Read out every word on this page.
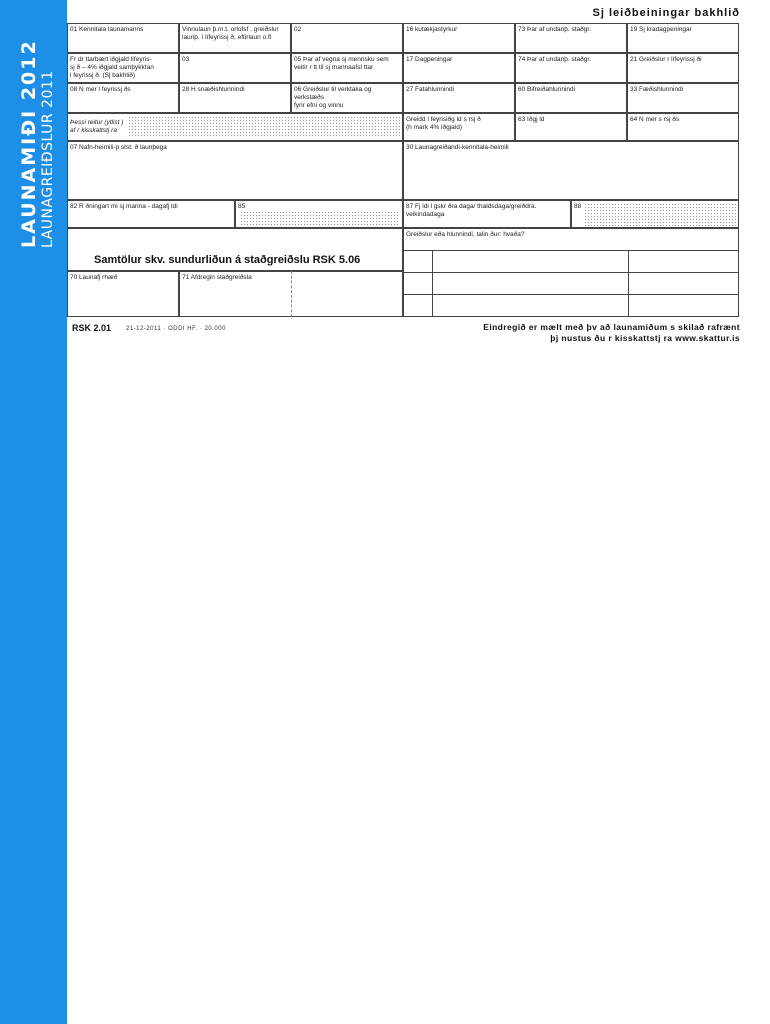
LAUNAMIÐI 2012 LAUNAGREIÐSLUR 2011
Sj leiðbeiningar bakhlið
01 Kennitala launamanns	Vinnulaun þ.m.t. orlofsf , greiðslur
launþ. í lífeyrissj ð, eftirlaun o.fl
02	16 kutækjastyrkur	73 Þar af undanþ. staðgr.	19 Sj kradagpeningar
Fr dr ttarbært iðgjald lífeyris-
sj ð – 4% iðgjald samþykktan
l feyrissj ð. (Sj bakhlið)
03	05 Þar af vegna sj mennsku sem
veitir r tt til sj mannaafsl ttar
17 Dagpeningar	74 Þar af undanþ. staðgr.	21 Greiðslur r lífeyrissj ði
08 N mer l feyrissj ðs	28 H snæðishlunnindi	06 Greiðslur til verktaka og verkstæðs
fyrir efni og vinnu
27 Fatahlunnindi	60 Bifreiðahlunnindi	33 Fæðishlunnindi
Þessi reitur (ytlist )
af r kisskattstj ra
Greidd l feyrisiðg ld s rsj ð
(h mark 4% iðgjald)
63 Iðgj ld	64 N mer s rsj ðs
07 Nafn-heimili-p stst. ð launþega	30 Launagreiðandi-kennitala-heimili
82 R ðningart mi sj manna - dagafj ldi	85	87 Fj ldi l gskr ðra daga/ thaldsdaga/greiðdra.
veikindadaga
88
Samtölur skv. sundurliðun á staðgreiðslu RSK 5.06
70 Launafj rhæð	71 Afdregin staðgreiðsla
Greiðslur eða hlunnindi, talin ður: hvaða?
RSK 2.01 21-12-2011 · ODDI HF. · 20.000	Eindregið er mælt með þv að launamiðum s skilað rafrænt
þj nustus ðu r kisskattstj ra www.skattur.is
